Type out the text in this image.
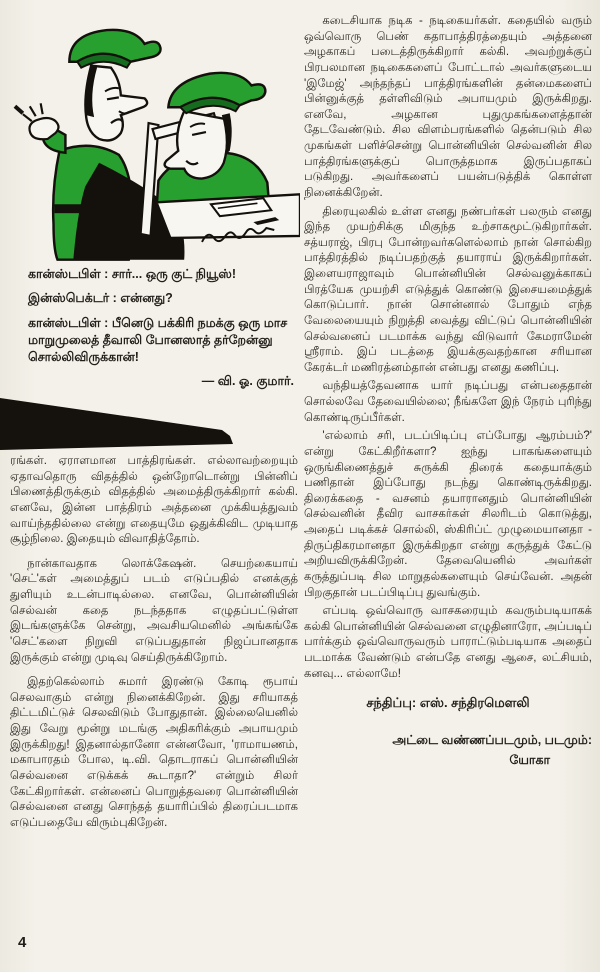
கான்ஸ்டபிள் : சார்... ஒரு குட் நியூஸ்!

இன்ஸ்பெக்டர் : என்னது?

கான்ஸ்டபிள் : பீனெடு பக்கிரி நமக்கு ஒரு மாச மாறுமுலைத் தீவாலி போனஸாத் தர்றேன்னு சொல்லிவிருக்கான்!

— வி. ஓ. குமார்.

ரங்கள். ஏராளமான பாத்திரங்கள். எல்லாவற்றையும் ஏதாவதொரு விதத்தில் ஒன்றோடொன்று பின்னிப் பிணைத்திருக்கும் விதத்தில் அமைத்திருக்கிறார் கல்கி. எனவே, இன்ன பாத்திரம் அத்தனை முக்கியத்துவம் வாய்ந்ததில்லை என்று எதையுமே ஒதுக்கிவிட முடியாத சூழ்நிலை. இதையும் விவாதித்தோம்.

நான்காவதாக லொக்கேஷன். செயற்கையாய் 'செட்'கள் அமைத்துப் படம் எடுப்பதில் எனக்குத் துளியும் உடன்பாடில்லை. எனவே, பொன்னியின் செல்வன் கதை நடந்ததாக எழுதப்பட்டுள்ள இடங்களுக்கே சென்று, அவசியமெனில் அங்கங்கே 'செட்'களை நிறுவி எடுப்பதுதான் நிஜப்பானதாக இருக்கும் என்று முடிவு செய்திருக்கிறோம்.

இதற்கெல்லாம் சுமார் இரண்டு கோடி ரூபாய் செலவாகும் என்று நினைக்கிறேன். இது சரியாகத் திட்டமிட்டுச் செலவிடும் போதுதான். இல்லையெனில் இது வேறு மூன்று மடங்கு அதிகரிக்கும் அபாயமும் இருக்கிறது! இதனால்தானோ என்னவோ, 'ராமாயணம், மகாபாரதம் போல, டி.வி. தொடராகப் பொன்னியின் செல்வனை எடுக்கக் கூடாதா?' என்றும் சிலர் கேட்கிறார்கள். என்னைப் பொறுத்தவரை பொன்னியின் செல்வனை எனது சொந்தத் தயாரிப்பில் திரைப்படமாக எடுப்பதையே விரும்புகிறேன்.

4

கடைசியாக நடிக - நடிகையர்கள். கதையில் வரும் ஒவ்வொரு பெண் கதாபாத்திரத்தையும் அத்தனை அழகாகப் படைத்திருக்கிறார் கல்கி. அவற்றுக்குப் பிரபலமான நடிகைகளைப் போட்டால் அவர்களுடைய 'இமேஜ்' அந்தந்தப் பாத்திரங்களின் தன்மைகளைப் பின்னுக்குத் தள்ளிவிடும் அபாயமும் இருக்கிறது. எனவே, அழகான புதுமுகங்களைத்தான் தேடவேண்டும். சில விளம்பரங்களில் தென்படும் சில முகங்கள் பளிச்சென்று பொன்னியின் செல்வனின் சில பாத்திரங்களுக்குப் பொருத்தமாக இருப்பதாகப் படுகிறது. அவர்களைப் பயன்படுத்திக் கொள்ள நினைக்கிறேன்.

திரையுலகில் உள்ள எனது நண்பர்கள் பலரும் எனது இந்த முயற்சிக்கு மிகுந்த உற்சாகமூட்டுகிறார்கள். சத்யராஜ், பிரபு போன்றவர்களெல்லாம் நான் சொல்கிற பாத்திரத்தில் நடிப்பதற்குத் தயாராய் இருக்கிறார்கள். இளையராஜாவும் பொன்னியின் செல்வனுக்காகப் பிரத்யேக முயற்சி எடுத்துக் கொண்டு இசையமைத்துக் கொடுப்பார். நான் சொன்னால் போதும் எந்த வேலையையும் நிறுத்தி வைத்து விட்டுப் பொன்னியின் செல்வனைப் படமாக்க வந்து விடுவார் கேமராமேன் ஸ்ரீராம். இப் படத்தை இயக்குவதற்கான சரியான கேரக்டர் மணிரத்னம்தான் என்பது எனது கணிப்பு.

வந்தியத்தேவனாக யார் நடிப்பது என்பதைதான் சொல்லவே தேவையில்லை; நீங்களே இந் நேரம் புரிந்து கொண்டிருப்பீர்கள்.

'எல்லாம் சரி, படப்பிடிப்பு எப்போது ஆரம்பம்?' என்று கேட்கிறீர்களா? ஐந்து பாகங்களையும் ஒருங்கிணைத்துச் சுருக்கி திரைக் கதையாக்கும் பணிதான் இப்போது நடந்து கொண்டிருக்கிறது. திரைக்கதை - வசனம் தயாரானதும் பொன்னியின் செல்வனின் தீவிர வாசகர்கள் சிலரிடம் கொடுத்து, அதைப் படிக்கச் சொல்லி, ஸ்கிரிப்ட் முழுமையானதா - திருப்திகரமானதா இருக்கிறதா என்று கருத்துக் கேட்டு அறியவிருக்கிறேன். தேவையெனில் அவர்கள் கருத்துப்படி சில மாறுதல்களையும் செய்வேன். அதன் பிறகுதான் படப்பிடிப்பு துவங்கும்.

எப்படி ஒவ்வொரு வாசகரையும் கவரும்படியாகக் கல்கி பொன்னியின் செல்வனை எழுதினாரோ, அப்படிப் பார்க்கும் ஒவ்வொருவரும் பாராட்டும்படியாக அதைப் படமாக்க வேண்டும் என்பதே எனது ஆசை, லட்சியம், கனவு... எல்லாமே!

சந்திப்பு: எஸ். சந்திரமௌலி
அட்டை வண்ணப்படமும், படமும்:
யோகா
